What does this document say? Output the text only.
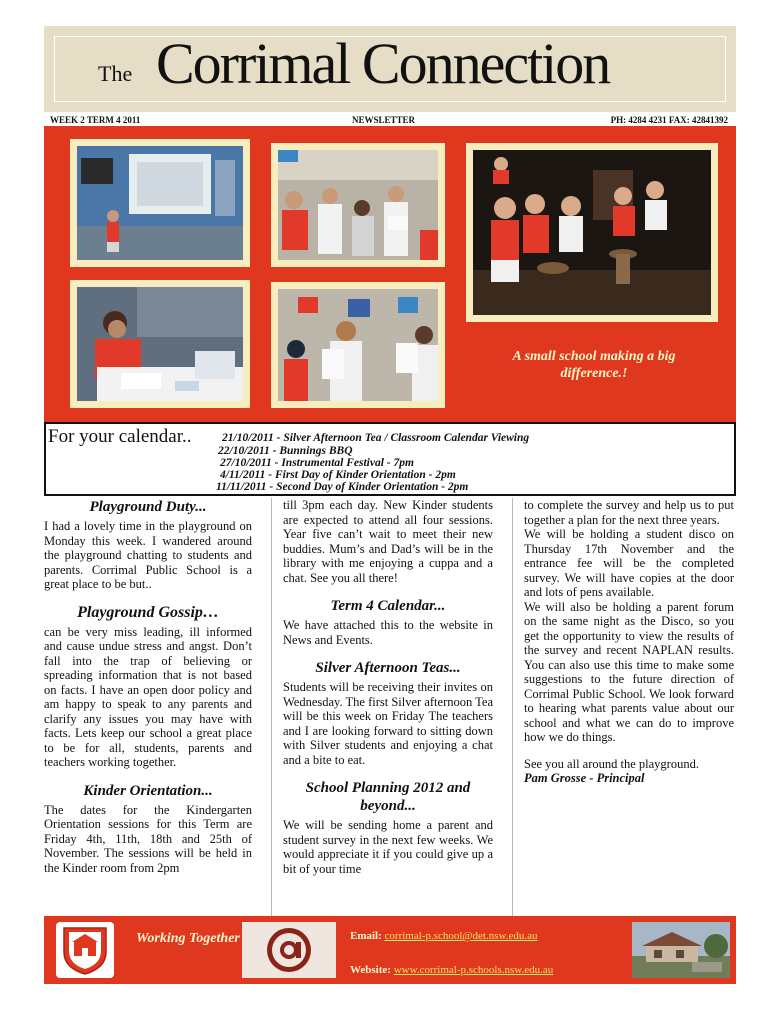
The Corrimal Connection
WEEK 2 TERM 4 2011	NEWSLETTER	PH: 4284 4231 FAX: 42841392
A small school making a big difference.!
For your calendar..	21/10/2011 - Silver Afternoon Tea / Classroom Calendar Viewing
22/10/2011 - Bunnings BBQ
27/10/2011 - Instrumental Festival - 7pm
4/11/2011 - First Day of Kinder Orientation - 2pm
11/11/2011 - Second Day of Kinder Orientation - 2pm
Playground Duty...

I had a lovely time in the playground on Monday this week. I wandered around the playground chatting to students and parents. Corrimal Public School is a great place to be but..

Playground Gossip…

can be very miss leading, ill informed and cause undue stress and angst. Don’t fall into the trap of believing or spreading information that is not based on facts. I have an open door policy and am happy to speak to any parents and clarify any issues you may have with facts. Lets keep our school a great place to be for all, students, parents and teachers working together.

Kinder Orientation...

The dates for the Kindergarten Orientation sessions for this Term are Friday 4th, 11th, 18th and 25th of November. The sessions will be held in the Kinder room from 2pm

till 3pm each day. New Kinder students are expected to attend all four sessions. Year five can’t wait to meet their new buddies. Mum’s and Dad’s will be in the library with me enjoying a cuppa and a chat. See you all there!

Term 4 Calendar...

We have attached this to the website in News and Events.

Silver Afternoon Teas...

Students will be receiving their invites on Wednesday. The first Silver afternoon Tea will be this week on Friday The teachers and I are looking forward to sitting down with Silver students and enjoying a chat and a bite to eat.

School Planning 2012 and beyond...

We will be sending home a parent and student survey in the next few weeks. We would appreciate it if you could give up a bit of your time

to complete the survey and help us to put together a plan for the next three years.

We will be holding a student disco on Thursday 17th November and the entrance fee will be the completed survey. We will have copies at the door and lots of pens available.

We will also be holding a parent forum on the same night as the Disco, so you get the opportunity to view the results of the survey and recent NAPLAN results. You can also use this time to make some suggestions to the future direction of Corrimal Public School. We look forward to hearing what parents value about our school and what we can do to improve how we do things.

See you all around the playground.

Pam Grosse - Principal

Working Together	Email: corrimal-p.school@det.nsw.edu.au
Website: www.corrimal-p.schools.nsw.edu.au
